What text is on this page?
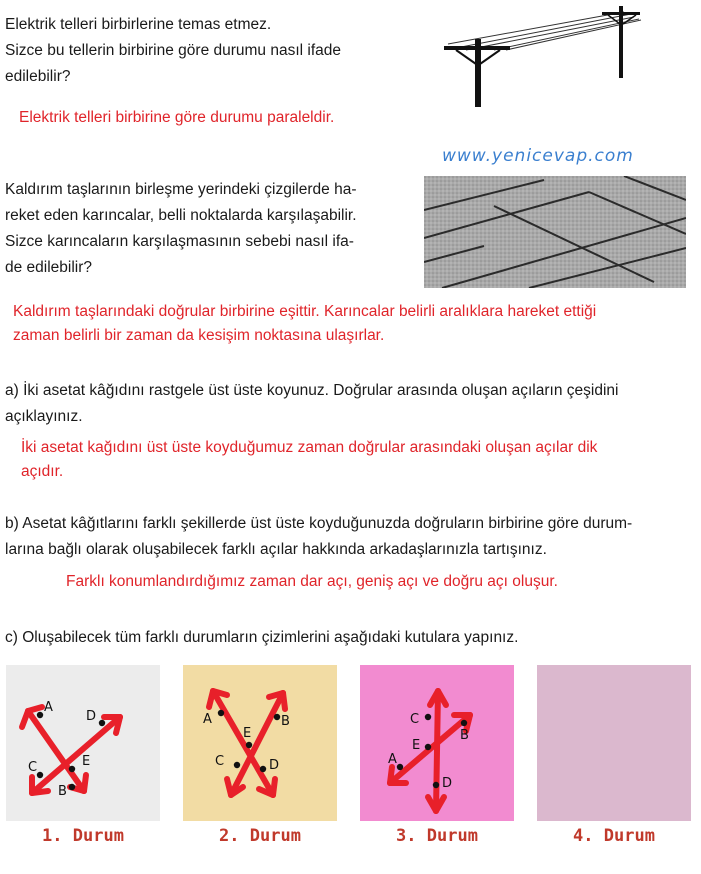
Elektrik telleri birbirlerine temas etmez.
Sizce bu tellerin birbirine göre durumu nasıl ifade
edilebilir?
Elektrik telleri birbirine göre durumu paraleldir.
www.yenicevap.com
Kaldırım taşlarının birleşme yerindeki çizgilerde ha-
reket eden karıncalar, belli noktalarda karşılaşabilir.
Sizce karıncaların karşılaşmasının sebebi nasıl ifa-
de edilebilir?
Kaldırım taşlarındaki doğrular birbirine eşittir. Karıncalar belirli aralıklara hareket ettiği
zaman belirli bir zaman da kesişim noktasına ulaşırlar.
a) İki asetat kâğıdını rastgele üst üste koyunuz. Doğrular arasında oluşan açıların çeşidini
açıklayınız.
İki asetat kağıdını üst üste koyduğumuz zaman doğrular arasındaki oluşan açılar dik
açıdır.
b) Asetat kâğıtlarını farklı şekillerde üst üste koyduğunuzda doğruların birbirine göre durum-
larına bağlı olarak oluşabilecek farklı açılar hakkında arkadaşlarınızla tartışınız.
Farklı konumlandırdığımız zaman dar açı, geniş açı ve doğru açı oluşur.
c) Oluşabilecek tüm farklı durumların çizimlerini aşağıdaki kutulara yapınız.
A
D
E
C
B
1. Durum
A	B
E
C	D
2. Durum
C
B
E
A
D
3. Durum	4. Durum
